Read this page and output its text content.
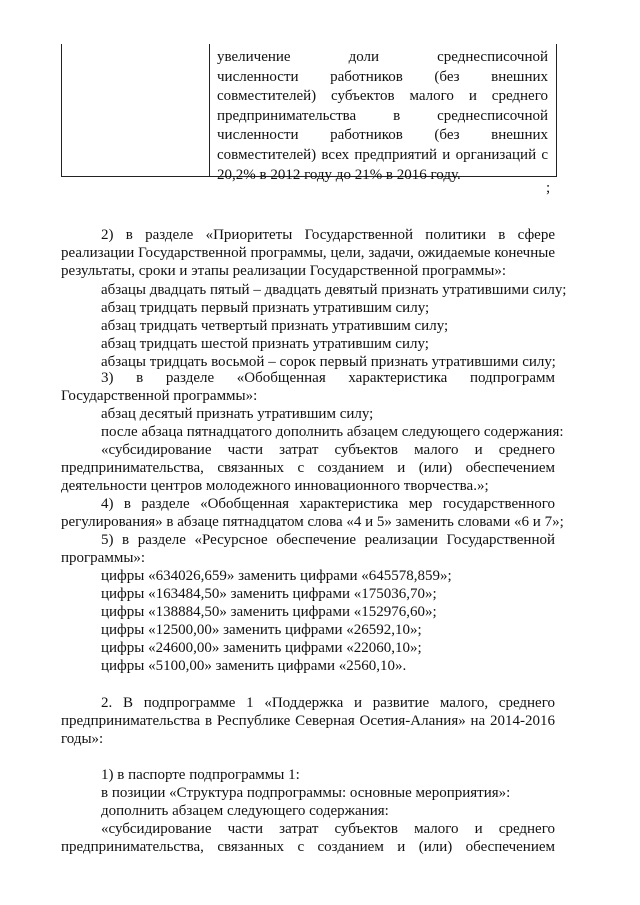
увеличение доли среднесписочной
численности работников (без внешних
совместителей) субъектов малого и среднего
предпринимательства в среднесписочной
численности работников (без внешних
совместителей) всех предприятий и организаций с
20,2% в 2012 году до 21% в 2016 году.
;
2) в разделе «Приоритеты Государственной политики в сфере
реализации Государственной программы, цели, задачи, ожидаемые конечные
результаты, сроки и этапы реализации Государственной программы»:
абзацы двадцать пятый – двадцать девятый признать утратившими силу;
абзац тридцать первый признать утратившим силу;
абзац тридцать четвертый признать утратившим силу;
абзац тридцать шестой признать утратившим силу;
абзацы тридцать восьмой – сорок первый признать утратившими силу;
3) в разделе «Обобщенная характеристика подпрограмм
Государственной программы»:
абзац десятый признать утратившим силу;
после абзаца пятнадцатого дополнить абзацем следующего содержания:
«субсидирование части затрат субъектов малого и среднего
предпринимательства, связанных с созданием и (или) обеспечением
деятельности центров молодежного инновационного творчества.»;
4) в разделе «Обобщенная характеристика мер государственного
регулирования» в абзаце пятнадцатом слова «4 и 5» заменить словами «6 и 7»;
5) в разделе «Ресурсное обеспечение реализации Государственной
программы»:
цифры «634026,659» заменить цифрами «645578,859»;
цифры «163484,50» заменить цифрами «175036,70»;
цифры «138884,50» заменить цифрами «152976,60»;
цифры «12500,00» заменить цифрами «26592,10»;
цифры «24600,00» заменить цифрами «22060,10»;
цифры «5100,00» заменить цифрами «2560,10».
2. В подпрограмме 1 «Поддержка и развитие малого, среднего
предпринимательства в Республике Северная Осетия-Алания» на 2014-2016
годы»:
1) в паспорте подпрограммы 1:
в позиции «Структура подпрограммы: основные мероприятия»:
дополнить абзацем следующего содержания:
«субсидирование части затрат субъектов малого и среднего
предпринимательства, связанных с созданием и (или) обеспечением
